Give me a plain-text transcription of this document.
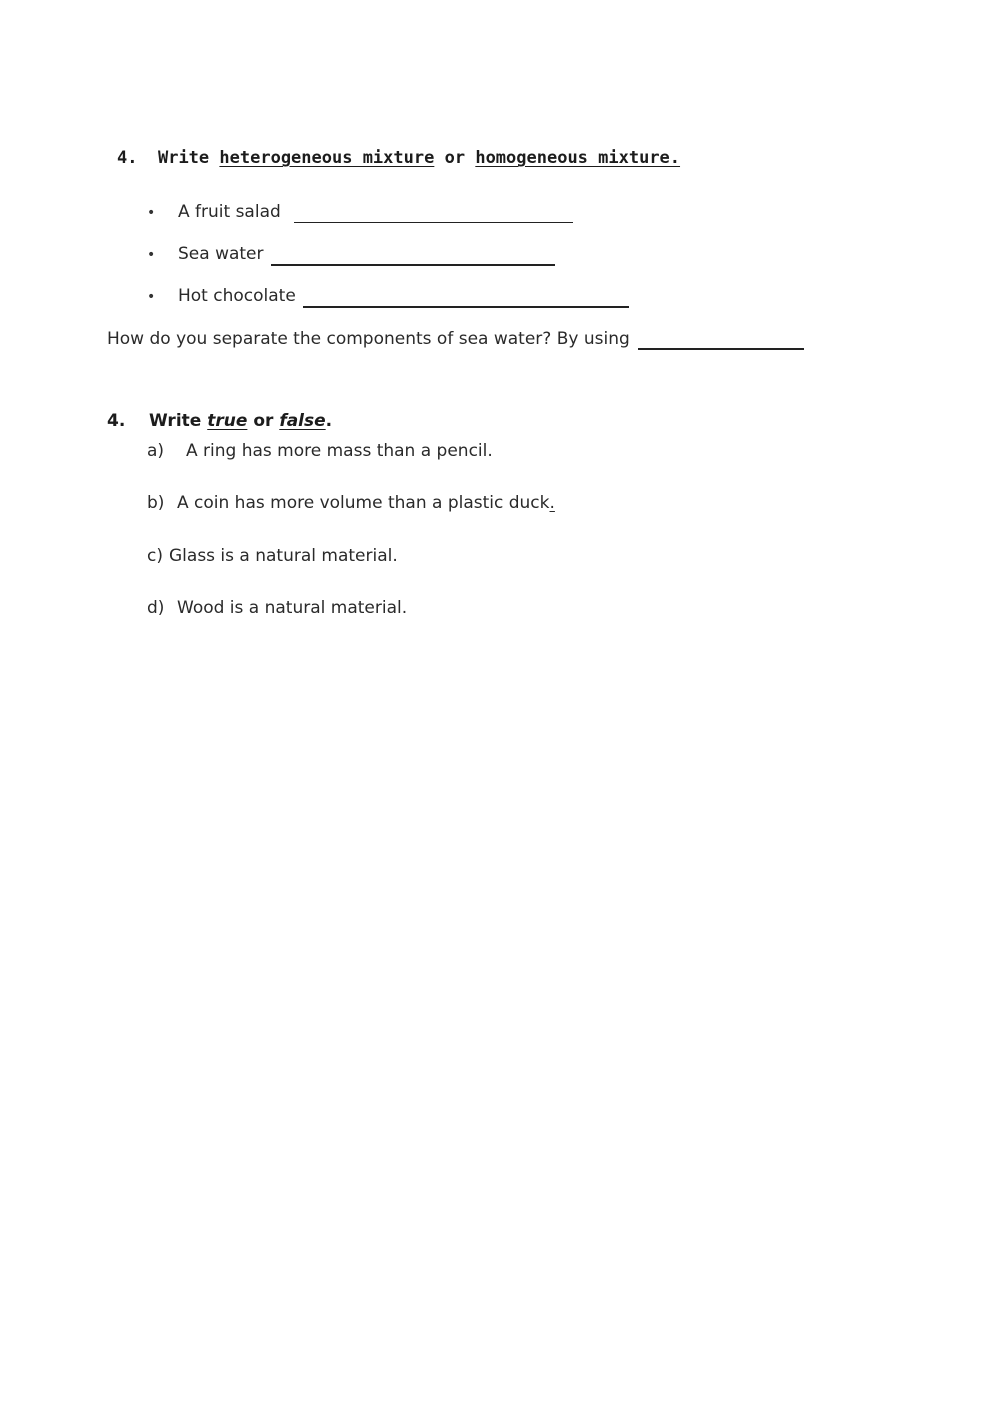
4. Write heterogeneous mixture or homogeneous mixture.
• A fruit salad
• Sea water
• Hot chocolate
How do you separate the components of sea water? By using
4. Write true or false.
a) A ring has more mass than a pencil.
b) A coin has more volume than a plastic duck.
c) Glass is a natural material.
d) Wood is a natural material.
